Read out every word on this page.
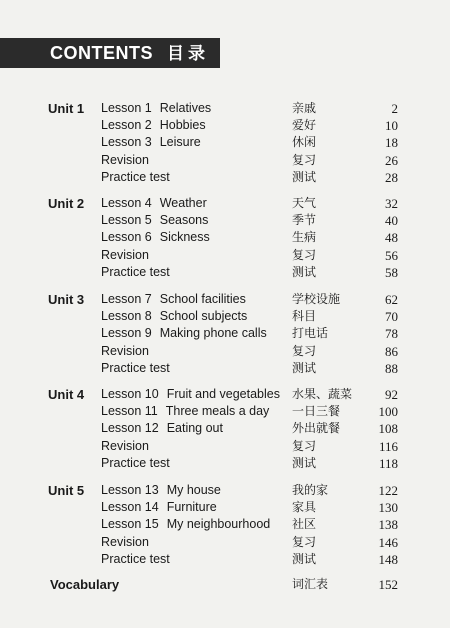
CONTENTS 目录
Unit 1 Lesson 1 Relatives	亲戚	2
Lesson 2 Hobbies	爱好	10
Lesson 3 Leisure	休闲	18
Revision	复习	26
Practice test	测试	28
Unit 2 Lesson 4 Weather	天气	32
Lesson 5 Seasons	季节	40
Lesson 6 Sickness	生病	48
Revision	复习	56
Practice test	测试	58
Unit 3 Lesson 7 School facilities	学校设施	62
Lesson 8 School subjects	科目	70
Lesson 9 Making phone calls 打电话	78
Revision	复习	86
Practice test	测试	88
Unit 4 Lesson 10 Fruit and vegetables 水果、蔬菜	92
Lesson 11 Three meals a day 一日三餐	100
Lesson 12 Eating out	外出就餐	108
Revision	复习	116
Practice test	测试	118
Unit 5 Lesson 13 My house	我的家	122
Lesson 14 Furniture	家具	130
Lesson 15 My neighbourhood 社区	138
Revision	复习	146
Practice test	测试	148
Vocabulary	词汇表	152
